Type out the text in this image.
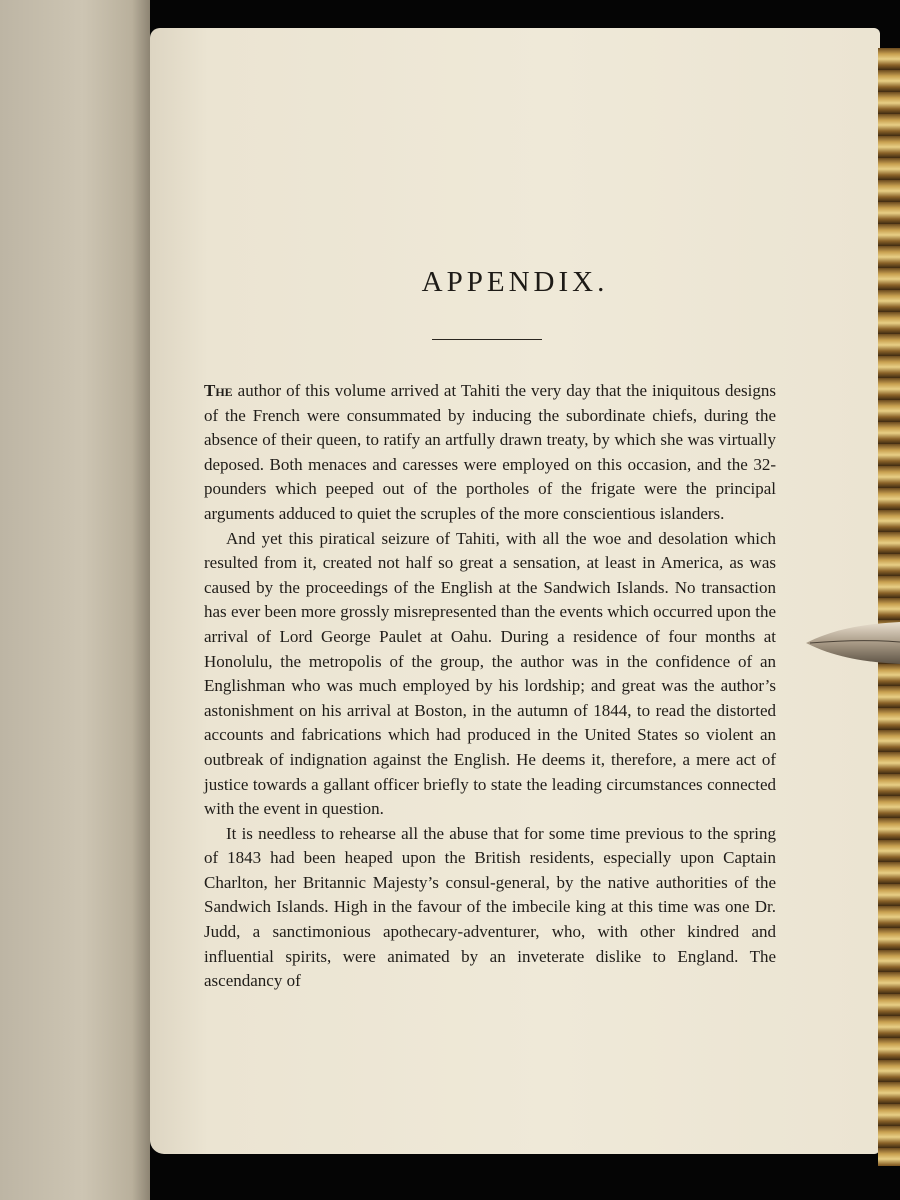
APPENDIX.

The author of this volume arrived at Tahiti the very day that the iniquitous designs of the French were consummated by inducing the subordinate chiefs, during the absence of their queen, to ratify an artfully drawn treaty, by which she was virtually deposed. Both menaces and caresses were employed on this occasion, and the 32-pounders which peeped out of the portholes of the frigate were the principal arguments adduced to quiet the scruples of the more conscientious islanders.

And yet this piratical seizure of Tahiti, with all the woe and desolation which resulted from it, created not half so great a sensation, at least in America, as was caused by the proceedings of the English at the Sandwich Islands. No transaction has ever been more grossly misrepresented than the events which occurred upon the arrival of Lord George Paulet at Oahu. During a residence of four months at Honolulu, the metropolis of the group, the author was in the confidence of an Englishman who was much employed by his lordship; and great was the author’s astonishment on his arrival at Boston, in the autumn of 1844, to read the distorted accounts and fabrications which had produced in the United States so violent an outbreak of indignation against the English. He deems it, therefore, a mere act of justice towards a gallant officer briefly to state the leading circumstances connected with the event in question.

It is needless to rehearse all the abuse that for some time previous to the spring of 1843 had been heaped upon the British residents, especially upon Captain Charlton, her Britannic Majesty’s consul-general, by the native authorities of the Sandwich Islands. High in the favour of the imbecile king at this time was one Dr. Judd, a sanctimonious apothecary-adventurer, who, with other kindred and influential spirits, were animated by an inveterate dislike to England. The ascendancy of
